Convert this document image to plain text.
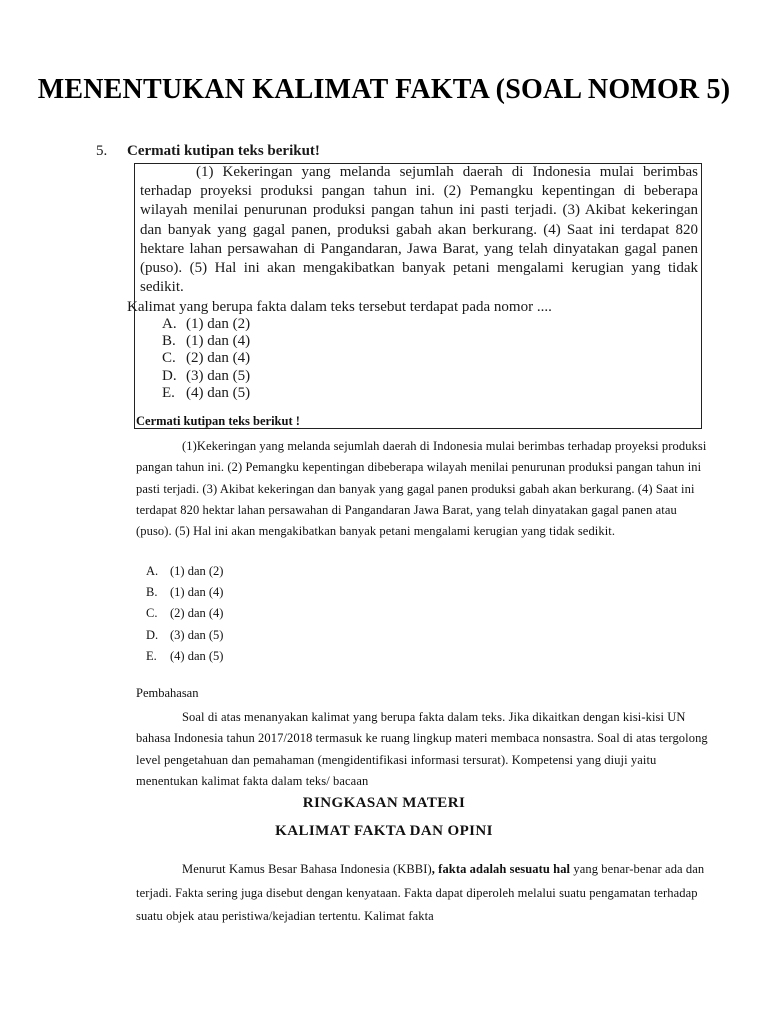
MENENTUKAN KALIMAT FAKTA (SOAL NOMOR 5)
5. Cermati kutipan teks berikut!
(1) Kekeringan yang melanda sejumlah daerah di Indonesia mulai berimbas terhadap proyeksi produksi pangan tahun ini. (2) Pemangku kepentingan di beberapa wilayah menilai penurunan produksi pangan tahun ini pasti terjadi. (3) Akibat kekeringan dan banyak yang gagal panen, produksi gabah akan berkurang. (4) Saat ini terdapat 820 hektare lahan persawahan di Pangandaran, Jawa Barat, yang telah dinyatakan gagal panen (puso). (5) Hal ini akan mengakibatkan banyak petani mengalami kerugian yang tidak sedikit.
Kalimat yang berupa fakta dalam teks tersebut terdapat pada nomor ....
A. (1) dan (2)
B. (1) dan (4)
C. (2) dan (4)
D. (3) dan (5)
E. (4) dan (5)
Cermati kutipan teks berikut !
(1)Kekeringan yang melanda sejumlah daerah di Indonesia mulai berimbas terhadap proyeksi produksi pangan tahun ini. (2) Pemangku kepentingan dibeberapa wilayah menilai penurunan produksi pangan tahun ini pasti terjadi. (3) Akibat kekeringan dan banyak yang gagal panen produksi gabah akan berkurang. (4) Saat ini terdapat 820 hektar lahan persawahan di Pangandaran Jawa Barat, yang telah dinyatakan gagal panen atau (puso). (5) Hal ini akan mengakibatkan banyak petani mengalami kerugian yang tidak sedikit.
A. (1) dan (2)
B.	(1) dan (4)
C.	(2) dan (4)
D. (3) dan (5)
E.	(4) dan (5)
Pembahasan
Soal di atas menanyakan kalimat yang berupa fakta dalam teks. Jika dikaitkan dengan kisi-kisi UN bahasa Indonesia tahun 2017/2018 termasuk ke ruang lingkup materi membaca nonsastra. Soal di atas tergolong level pengetahuan dan pemahaman (mengidentifikasi informasi tersurat). Kompetensi yang diuji yaitu menentukan kalimat fakta dalam teks/ bacaan
RINGKASAN MATERI
KALIMAT FAKTA DAN OPINI
Menurut Kamus Besar Bahasa Indonesia (KBBI), fakta adalah sesuatu hal yang benar-benar ada dan terjadi. Fakta sering juga disebut dengan kenyataan. Fakta dapat diperoleh melalui suatu pengamatan terhadap suatu objek atau peristiwa/kejadian tertentu. Kalimat fakta
